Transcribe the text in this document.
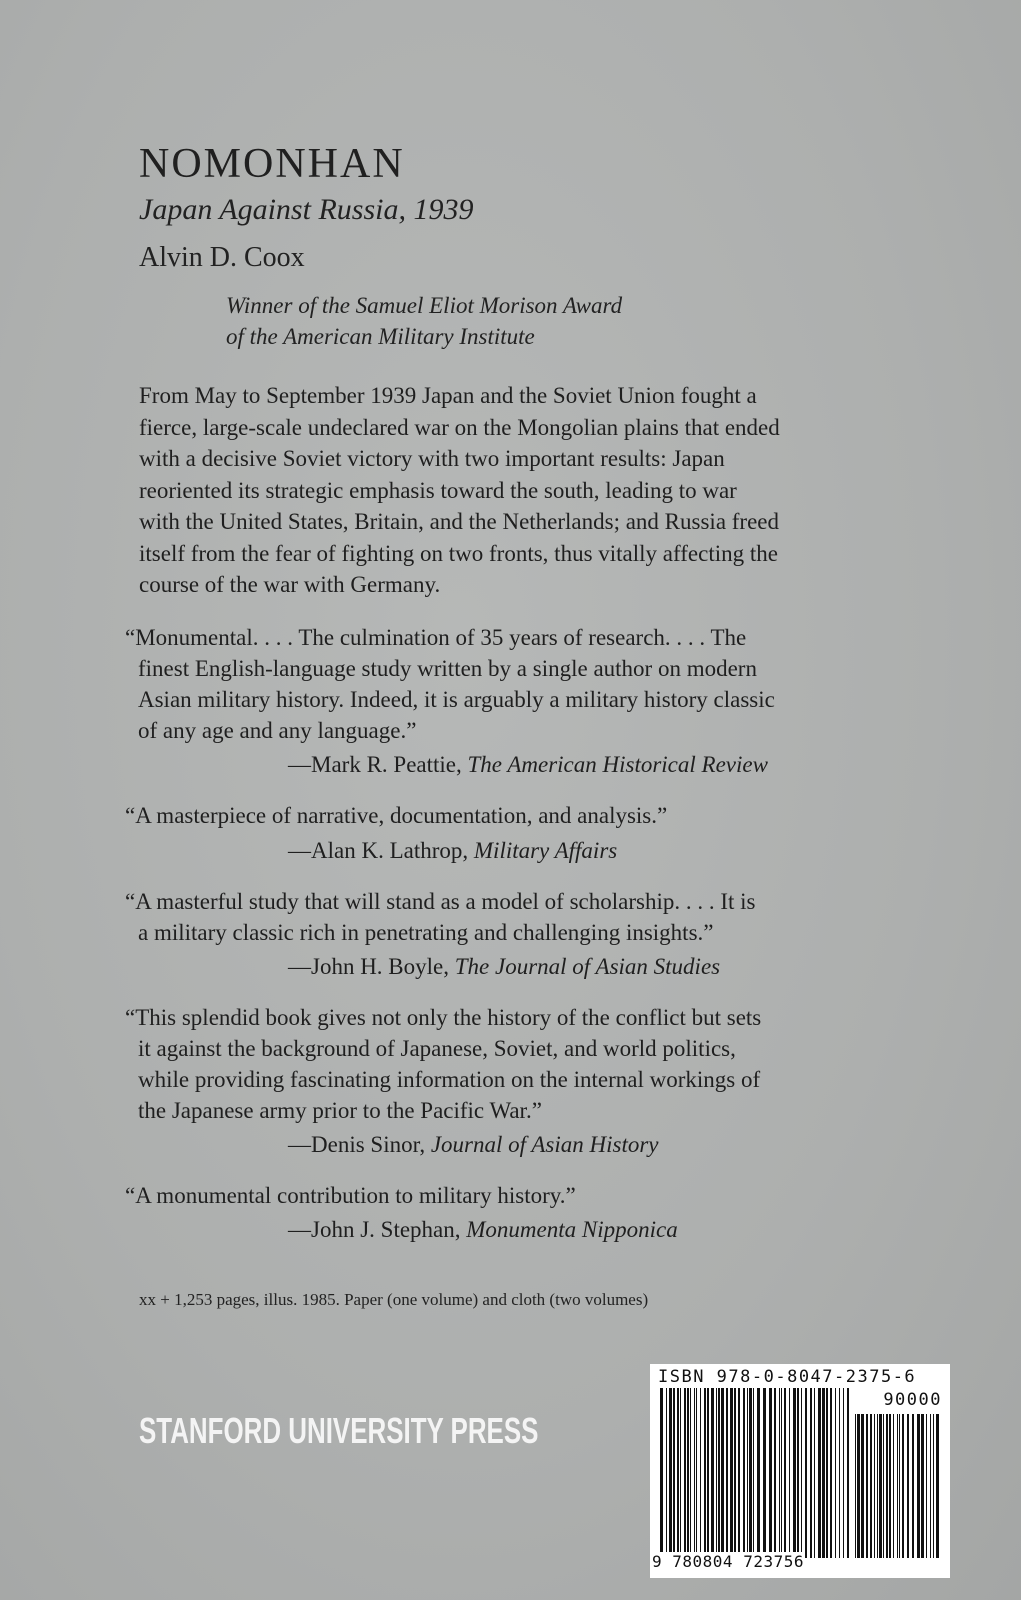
NOMONHAN
Japan Against Russia, 1939
Alvin D. Coox
Winner of the Samuel Eliot Morison Award
of the American Military Institute
From May to September 1939 Japan and the Soviet Union fought a
fierce, large-scale undeclared war on the Mongolian plains that ended
with a decisive Soviet victory with two important results: Japan
reoriented its strategic emphasis toward the south, leading to war
with the United States, Britain, and the Netherlands; and Russia freed
itself from the fear of fighting on two fronts, thus vitally affecting the
course of the war with Germany.
“Monumental. . . . The culmination of 35 years of research. . . . The
finest English-language study written by a single author on modern
Asian military history. Indeed, it is arguably a military history classic
of any age and any language.”
—Mark R. Peattie, The American Historical Review
“A masterpiece of narrative, documentation, and analysis.”
—Alan K. Lathrop, Military Affairs
“A masterful study that will stand as a model of scholarship. . . . It is
a military classic rich in penetrating and challenging insights.”
—John H. Boyle, The Journal of Asian Studies
“This splendid book gives not only the history of the conflict but sets
it against the background of Japanese, Soviet, and world politics,
while providing fascinating information on the internal workings of
the Japanese army prior to the Pacific War.”
—Denis Sinor, Journal of Asian History
“A monumental contribution to military history.”
—John J. Stephan, Monumenta Nipponica
xx + 1,253 pages, illus. 1985. Paper (one volume) and cloth (two volumes)
STANFORD UNIVERSITY PRESS
ISBN 978-0-8047-2375-6
90000
9 780804 723756
